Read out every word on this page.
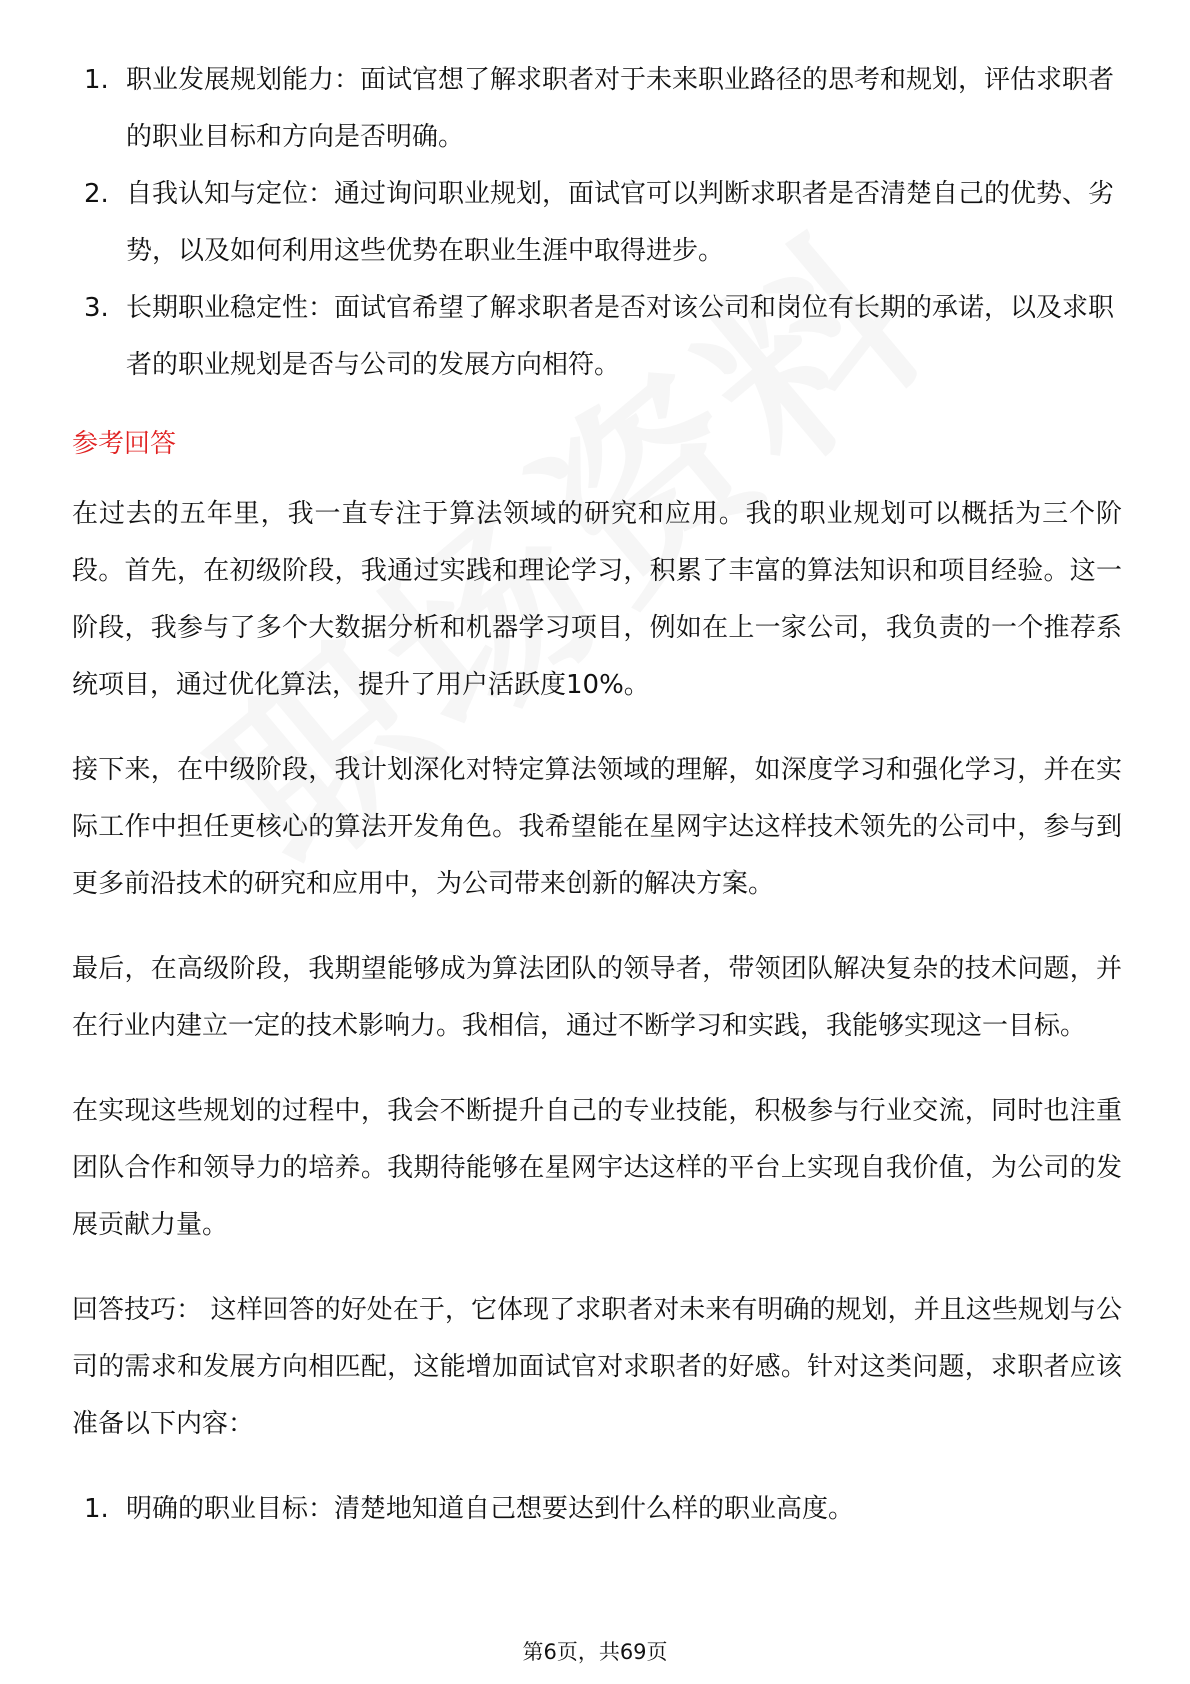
1. 职业发展规划能力：面试官想了解求职者对于未来职业路径的思考和规划，评估求职者的职业目标和方向是否明确。
2. 自我认知与定位：通过询问职业规划，面试官可以判断求职者是否清楚自己的优势、劣势，以及如何利用这些优势在职业生涯中取得进步。
3. 长期职业稳定性：面试官希望了解求职者是否对该公司和岗位有长期的承诺，以及求职者的职业规划是否与公司的发展方向相符。
参考回答

在过去的五年里，我一直专注于算法领域的研究和应用。我的职业规划可以概括为三个阶段。首先，在初级阶段，我通过实践和理论学习，积累了丰富的算法知识和项目经验。这一阶段，我参与了多个大数据分析和机器学习项目，例如在上一家公司，我负责的一个推荐系统项目，通过优化算法，提升了用户活跃度10%。

接下来，在中级阶段，我计划深化对特定算法领域的理解，如深度学习和强化学习，并在实际工作中担任更核心的算法开发角色。我希望能在星网宇达这样技术领先的公司中，参与到更多前沿技术的研究和应用中，为公司带来创新的解决方案。

最后，在高级阶段，我期望能够成为算法团队的领导者，带领团队解决复杂的技术问题，并在行业内建立一定的技术影响力。我相信，通过不断学习和实践，我能够实现这一目标。

在实现这些规划的过程中，我会不断提升自己的专业技能，积极参与行业交流，同时也注重团队合作和领导力的培养。我期待能够在星网宇达这样的平台上实现自我价值，为公司的发展贡献力量。

回答技巧： 这样回答的好处在于，它体现了求职者对未来有明确的规划，并且这些规划与公司的需求和发展方向相匹配，这能增加面试官对求职者的好感。针对这类问题，求职者应该准备以下内容：

1. 明确的职业目标：清楚地知道自己想要达到什么样的职业高度。
第6页，共69页
